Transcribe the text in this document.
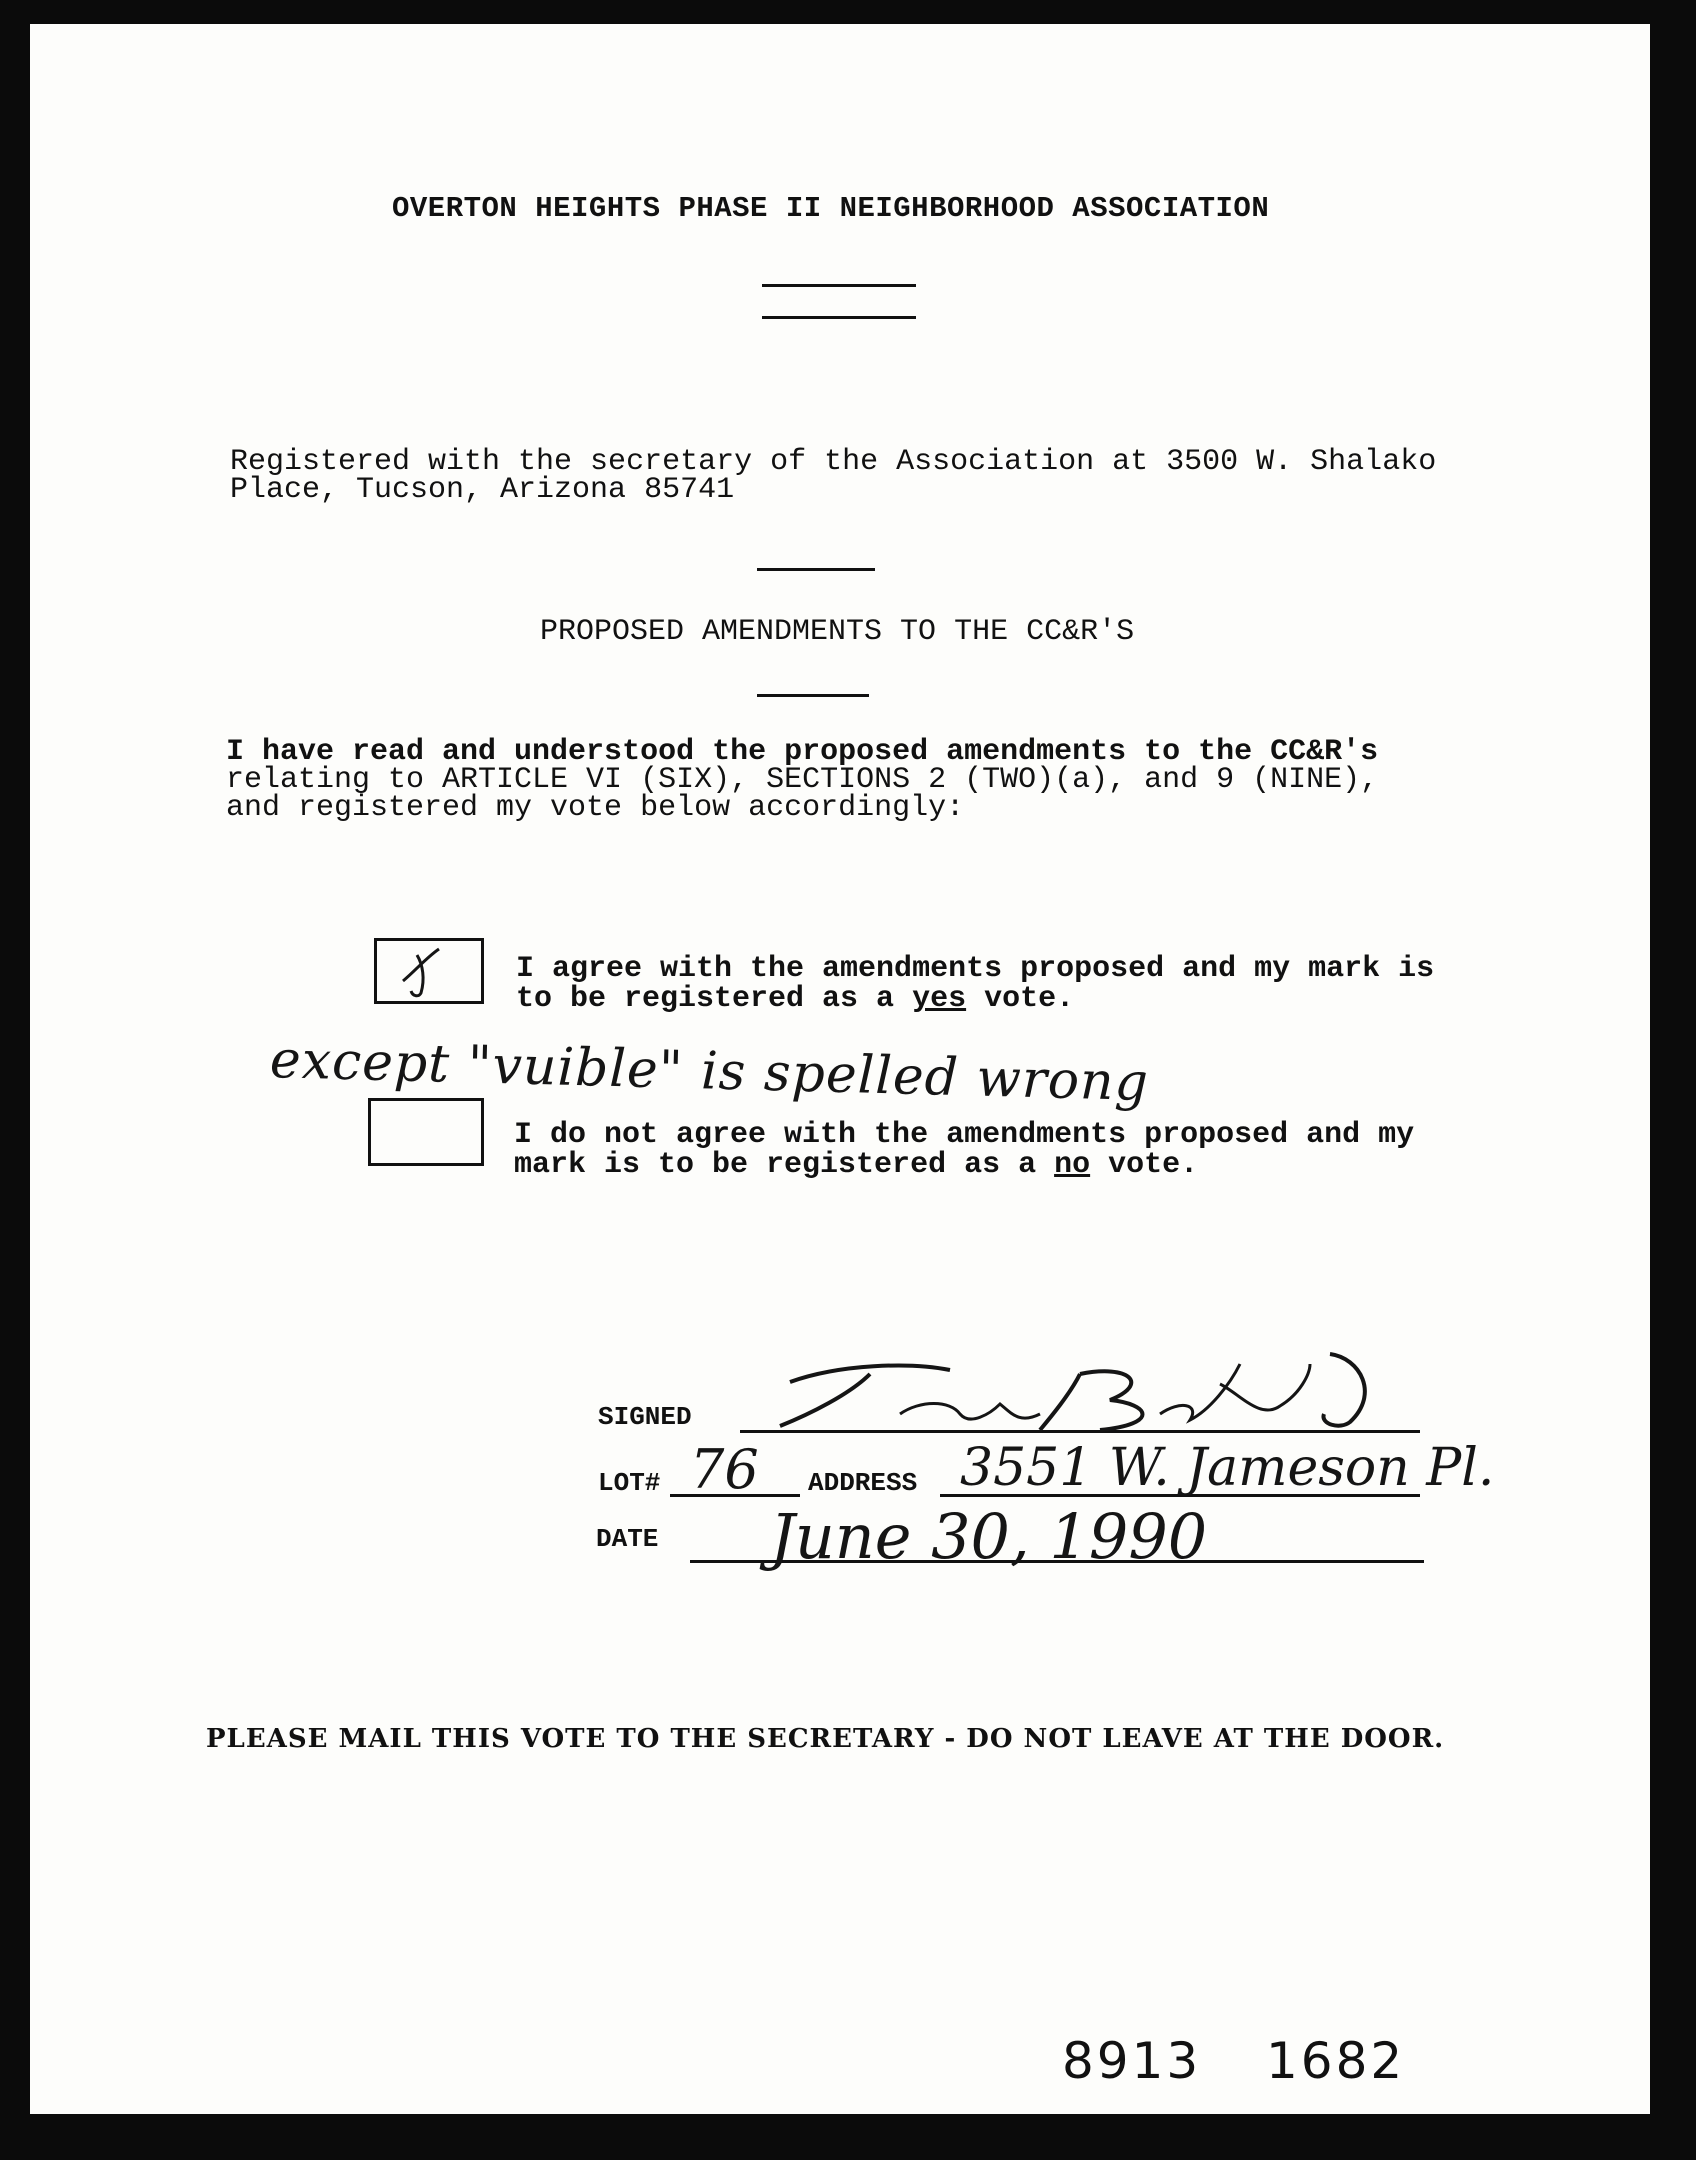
OVERTON HEIGHTS PHASE II NEIGHBORHOOD ASSOCIATION
Registered with the secretary of the Association at 3500 W. Shalako
Place, Tucson, Arizona 85741
PROPOSED AMENDMENTS TO THE CC&R'S
I have read and understood the proposed amendments to the CC&R's
relating to ARTICLE VI (SIX), SECTIONS 2 (TWO)(a), and 9 (NINE),
and registered my vote below accordingly:
I agree with the amendments proposed and my mark is
to be registered as a yes vote.
except "vuible" is spelled wrong
I do not agree with the amendments proposed and my
mark is to be registered as a no vote.
SIGNED
LOT# 76 ADDRESS 3551 W. Jameson Pl.
DATE June 30, 1990
PLEASE MAIL THIS VOTE TO THE SECRETARY - DO NOT LEAVE AT THE DOOR.
8913 1682
